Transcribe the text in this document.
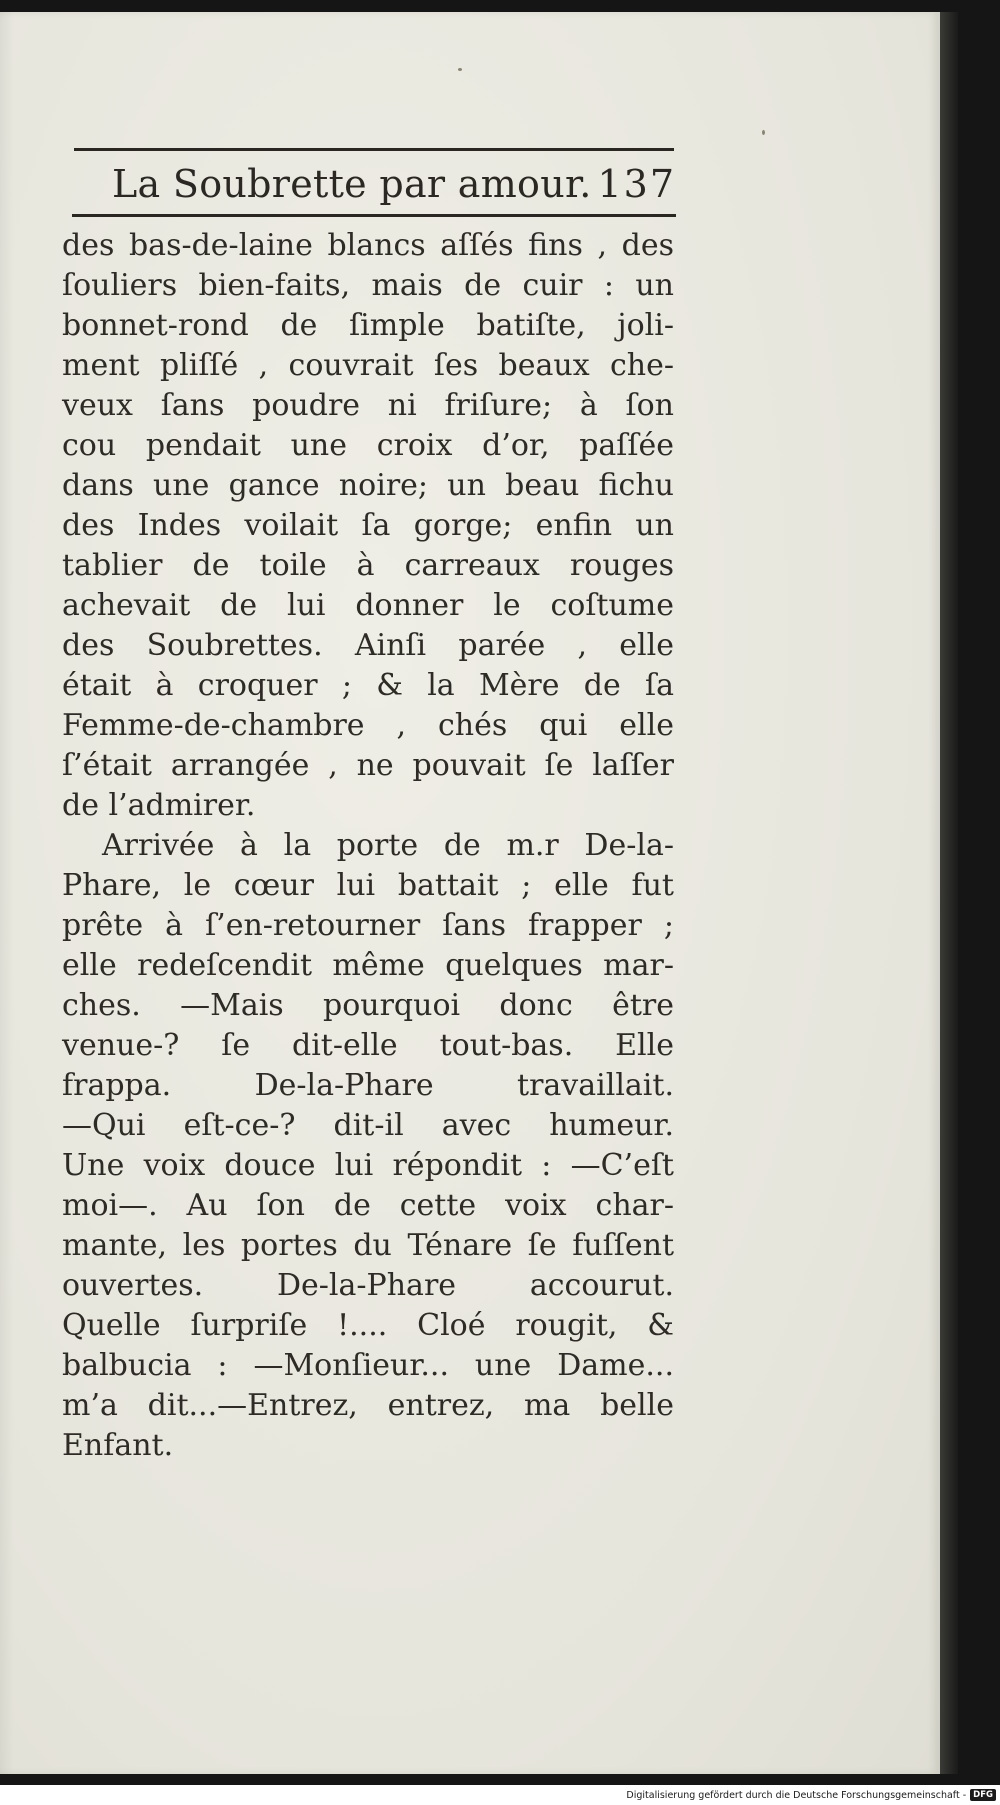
La Soubrette par amour. 137
des bas-de-laine blancs aſſés fins , des
ſouliers bien-faits, mais de cuir : un
bonnet-rond de ſimple batiſte, joli-
ment pliſſé , couvrait ſes beaux che-
veux ſans poudre ni friſure; à ſon
cou pendait une croix d’or, paſſée
dans une gance noire; un beau fichu
des Indes voilait ſa gorge; enfin un
tablier de toile à carreaux rouges
achevait de lui donner le coſtume
des Soubrettes. Ainſi parée , elle
était à croquer ; & la Mère de ſa
Femme-de-chambre , chés qui elle
ſ’était arrangée , ne pouvait ſe laſſer
de l’admirer.
Arrivée à la porte de m.r De-la-
Phare, le cœur lui battait ; elle fut
prête à ſ’en-retourner ſans frapper ;
elle redeſcendit même quelques mar-
ches. —Mais pourquoi donc être
venue-? ſe dit-elle tout-bas. Elle
frappa. De-la-Phare travaillait.
—Qui eſt-ce-? dit-il avec humeur.
Une voix douce lui répondit : —C’eſt
moi—. Au ſon de cette voix char-
mante, les portes du Ténare ſe fuſſent
ouvertes. De-la-Phare accourut.
Quelle ſurpriſe !.... Cloé rougit, &
balbucia : —Monſieur... une Dame...
m’a dit...—Entrez, entrez, ma belle
Enfant.
Digitalisierung gefördert durch die Deutsche Forschungsgemeinschaft - DFG
